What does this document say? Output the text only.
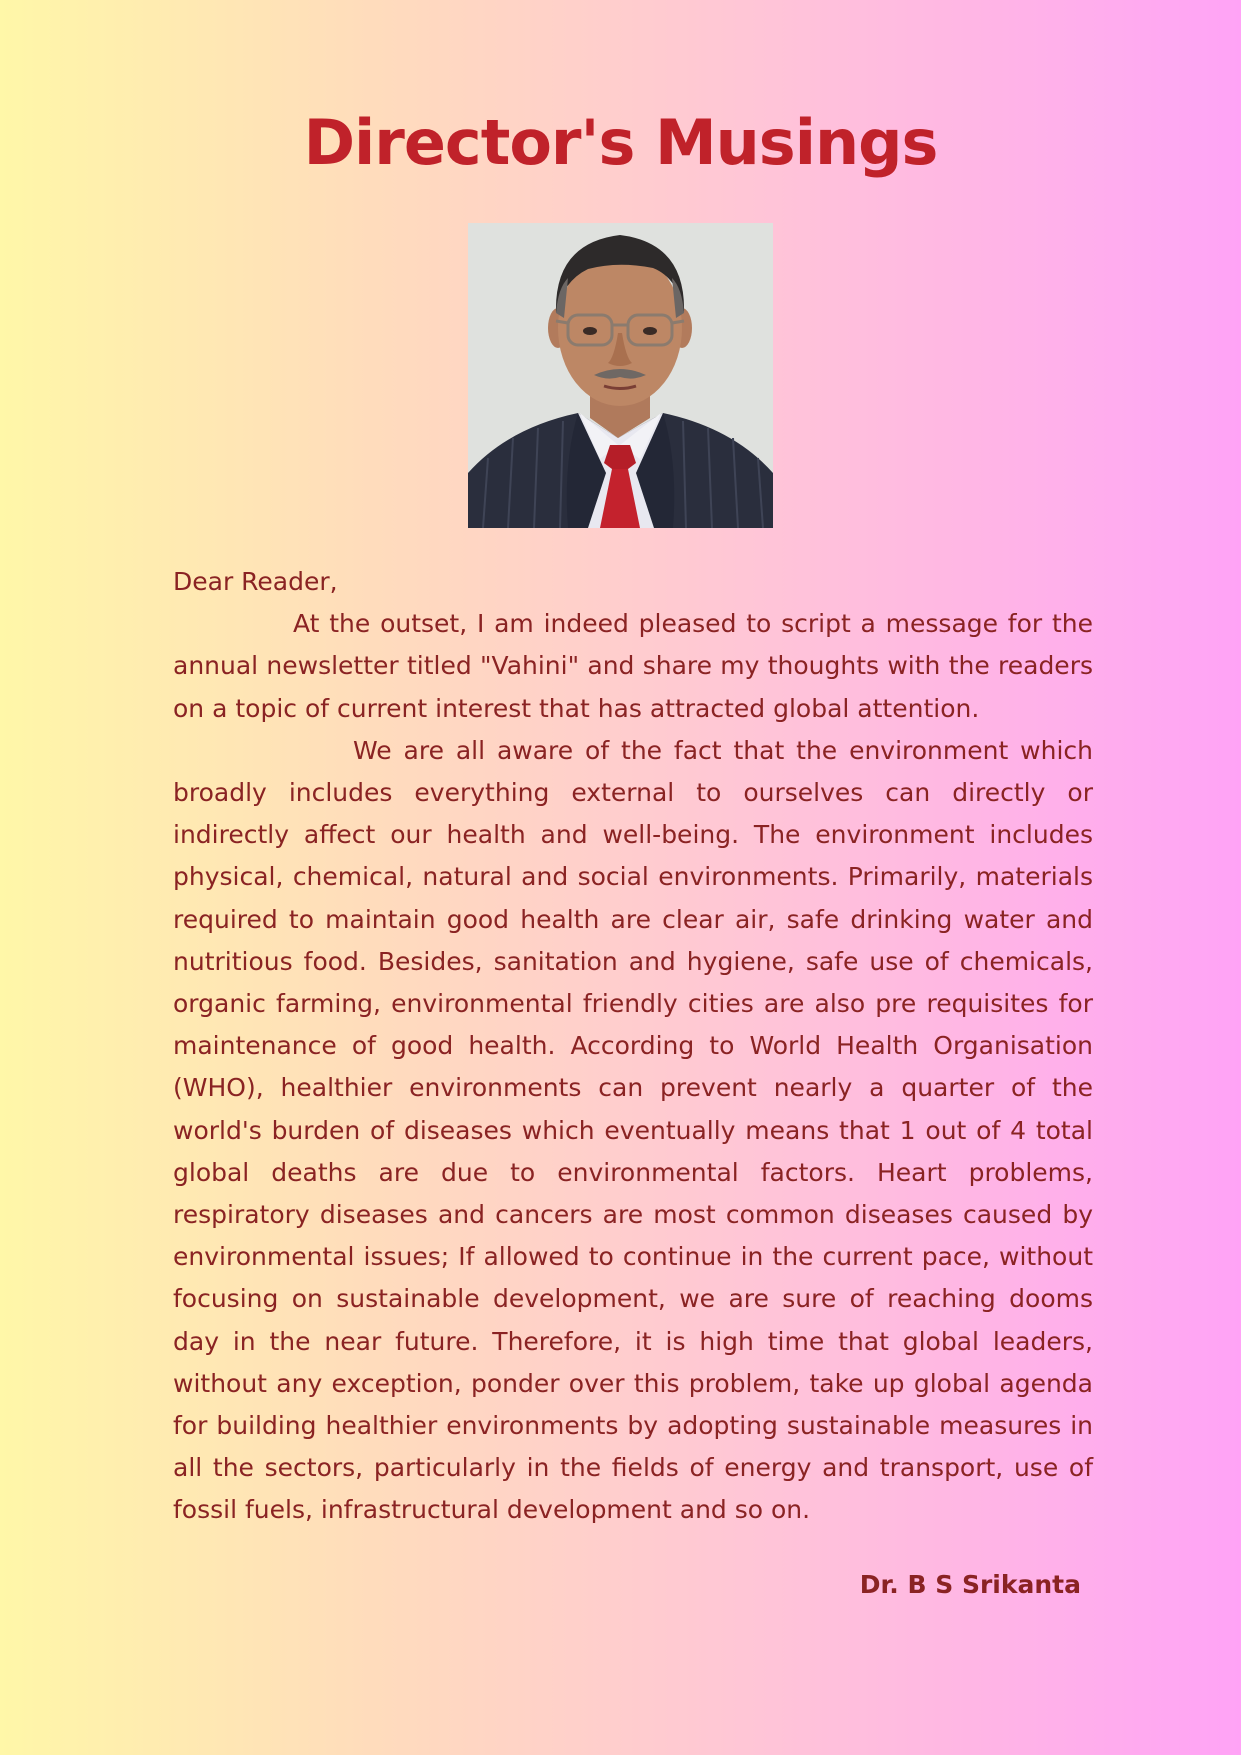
Director's Musings

Dear Reader,

At the outset, I am indeed pleased to script a message for the annual newsletter titled "Vahini" and share my thoughts with the readers on a topic of current interest that has attracted global attention.

We are all aware of the fact that the environment which broadly includes everything external to ourselves can directly or indirectly affect our health and well-being. The environment includes physical, chemical, natural and social environments. Primarily, materials required to maintain good health are clear air, safe drinking water and nutritious food. Besides, sanitation and hygiene, safe use of chemicals, organic farming, environmental friendly cities are also pre requisites for maintenance of good health. According to World Health Organisation (WHO), healthier environments can prevent nearly a quarter of the world's burden of diseases which eventually means that 1 out of 4 total global deaths are due to environmental factors. Heart problems, respiratory diseases and cancers are most common diseases caused by environmental issues; If allowed to continue in the current pace, without focusing on sustainable development, we are sure of reaching dooms day in the near future. Therefore, it is high time that global leaders, without any exception, ponder over this problem, take up global agenda for building healthier environments by adopting sustainable measures in all the sectors, particularly in the fields of energy and transport, use of fossil fuels, infrastructural development and so on.

Dr. B S Srikanta
